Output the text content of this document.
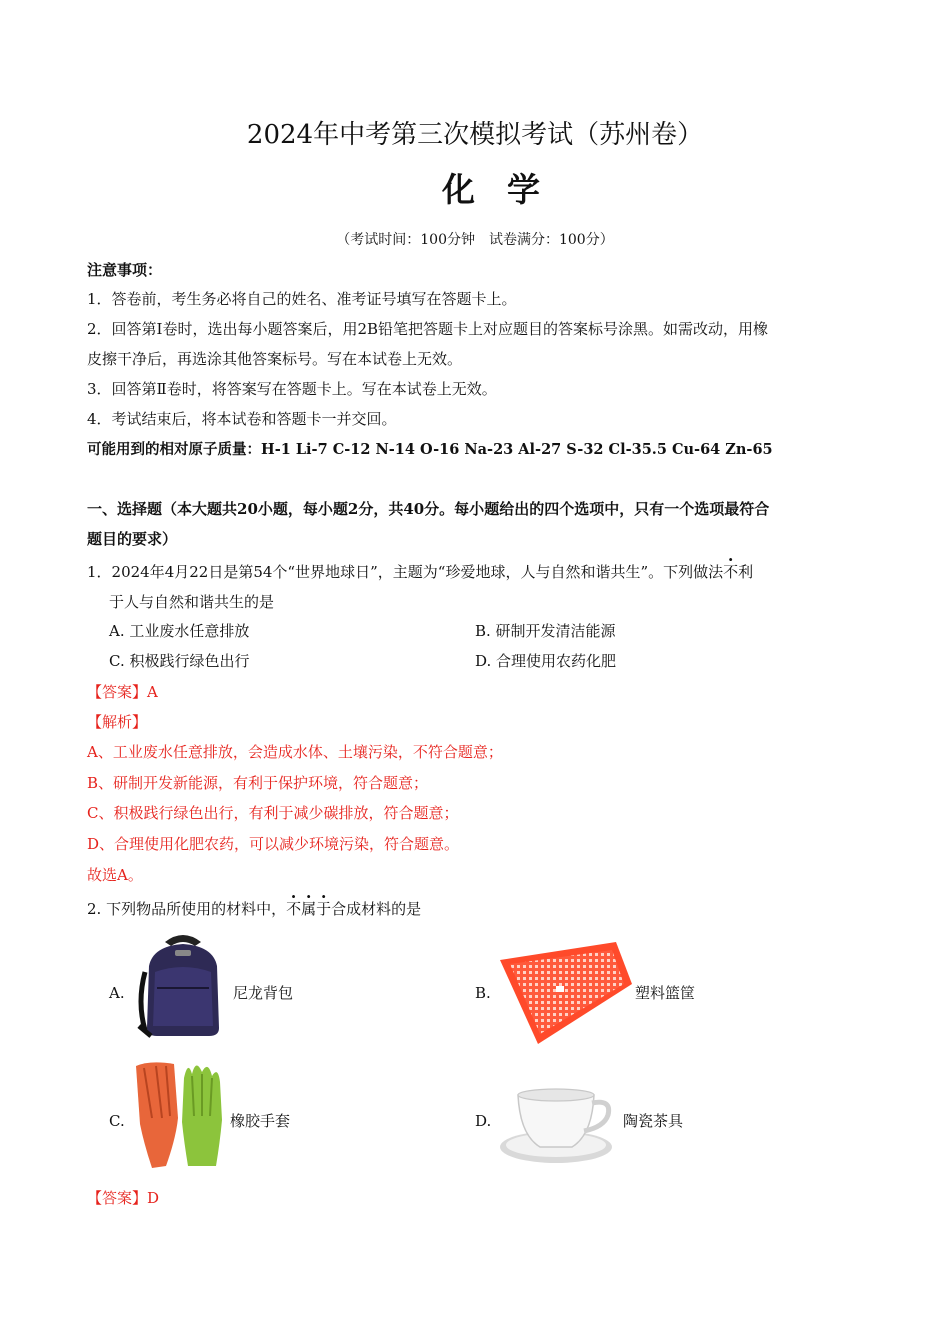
2024年中考第三次模拟考试（苏州卷）
化学
（考试时间：100分钟　试卷满分：100分）
注意事项：
1．答卷前，考生务必将自己的姓名、准考证号填写在答题卡上。
2．回答第Ⅰ卷时，选出每小题答案后，用2B铅笔把答题卡上对应题目的答案标号涂黑。如需改动，用橡
皮擦干净后，再选涂其他答案标号。写在本试卷上无效。
3．回答第Ⅱ卷时，将答案写在答题卡上。写在本试卷上无效。
4．考试结束后，将本试卷和答题卡一并交回。
可能用到的相对原子质量：H-1 Li-7 C-12 N-14 O-16 Na-23 Al-27 S-32 Cl-35.5 Cu-64 Zn-65
一、选择题（本大题共20小题，每小题2分，共40分。每小题给出的四个选项中，只有一个选项最符合
题目的要求）
1．2024年4月22日是第54个“世界地球日”，主题为“珍爱地球，人与自然和谐共生”。下列做法不利
于人与自然和谐共生的是
A. 工业废水任意排放	B. 研制开发清洁能源
C. 积极践行绿色出行	D. 合理使用农药化肥
【答案】A
【解析】
A、工业废水任意排放，会造成水体、土壤污染，不符合题意；
B、研制开发新能源，有利于保护环境，符合题意；
C、积极践行绿色出行，有利于减少碳排放，符合题意；
D、合理使用化肥农药，可以减少环境污染，符合题意。
故选A。
2. 下列物品所使用的材料中，不属于合成材料的是
A.	尼龙背包	B.	塑料篮筐
C.	橡胶手套	D.	陶瓷茶具
【答案】D
